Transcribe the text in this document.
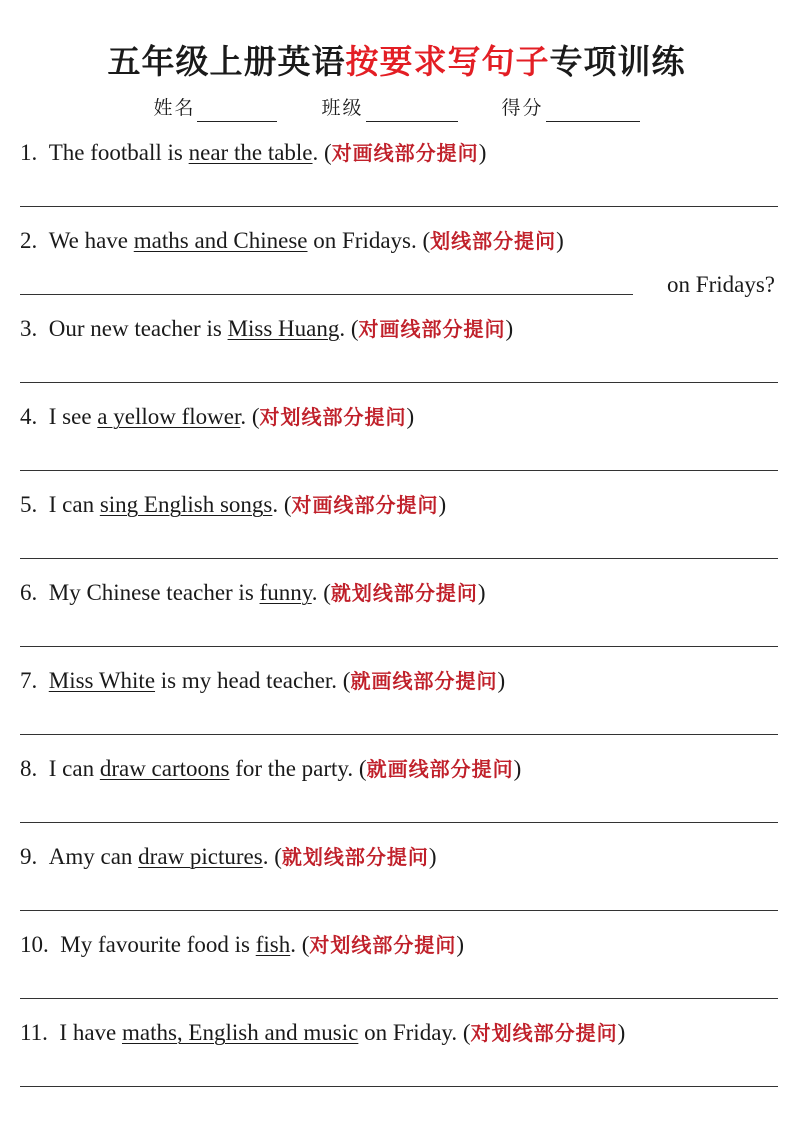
五年级上册英语按要求写句子专项训练
姓名	班级	得分
1. The football is near the table. (对画线部分提问)
2. We have maths and Chinese on Fridays. (划线部分提问)
on Fridays?
3. Our new teacher is Miss Huang. (对画线部分提问)
4. I see a yellow flower. (对划线部分提问)
5. I can sing English songs. (对画线部分提问)
6. My Chinese teacher is funny. (就划线部分提问)
7. Miss White is my head teacher. (就画线部分提问)
8. I can draw cartoons for the party. (就画线部分提问)
9. Amy can draw pictures. (就划线部分提问)
10. My favourite food is fish. (对划线部分提问)
11. I have maths, English and music on Friday. (对划线部分提问)
